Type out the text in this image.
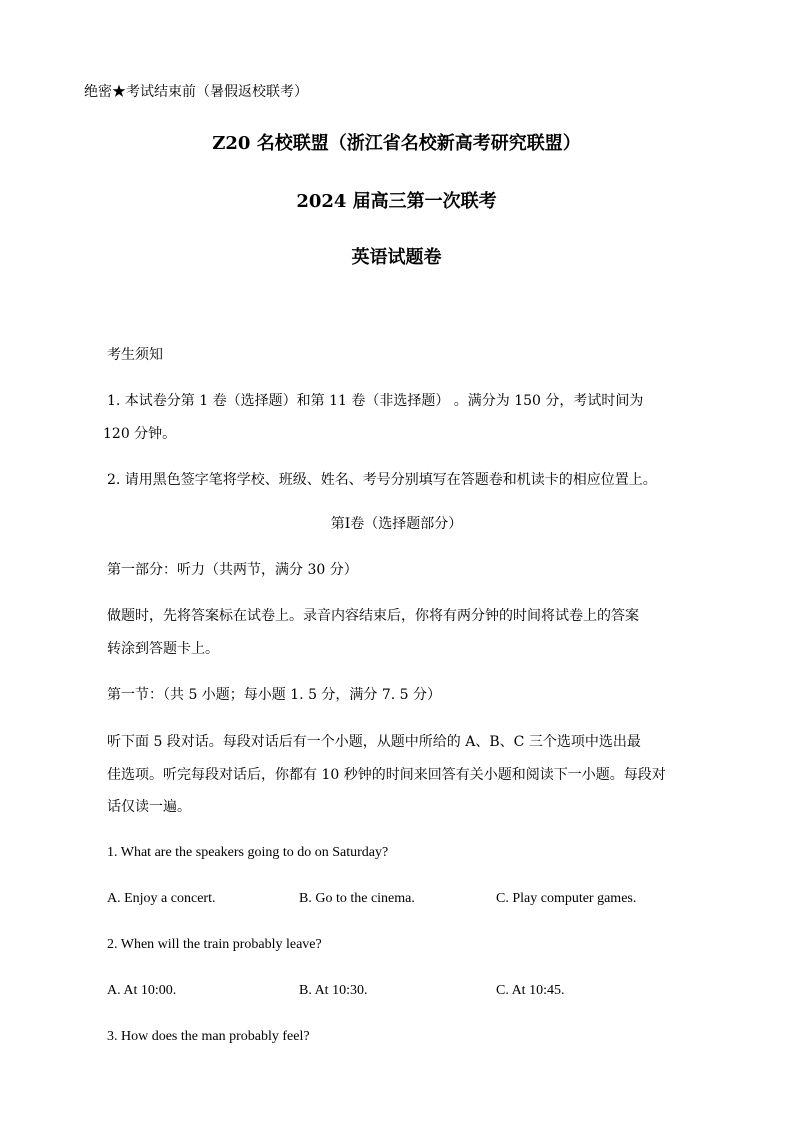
绝密★考试结束前（暑假返校联考）
Z20 名校联盟（浙江省名校新高考研究联盟）
2024 届高三第一次联考
英语试题卷
考生须知
1. 本试卷分第 1 卷（选择题）和第 11 卷（非选择题） 。满分为 150 分，考试时间为
120 分钟。
2. 请用黑色签字笔将学校、班级、姓名、考号分别填写在答题卷和机读卡的相应位置上。
第Ⅰ卷（选择题部分）
第一部分：听力（共两节，满分 30 分）
做题时，先将答案标在试卷上。录音内容结束后，你将有两分钟的时间将试卷上的答案
转涂到答题卡上。
第一节：（共 5 小题；每小题 1. 5 分，满分 7. 5 分）
听下面 5 段对话。每段对话后有一个小题，从题中所给的 A、B、C 三个选项中选出最
佳选项。听完每段对话后，你都有 10 秒钟的时间来回答有关小题和阅读下一小题。每段对
话仅读一遍。
1. What are the speakers going to do on Saturday?
A. Enjoy a concert.	B. Go to the cinema.	C. Play computer games.
2. When will the train probably leave?
A. At 10:00.	B. At 10:30.	C. At 10:45.
3. How does the man probably feel?
